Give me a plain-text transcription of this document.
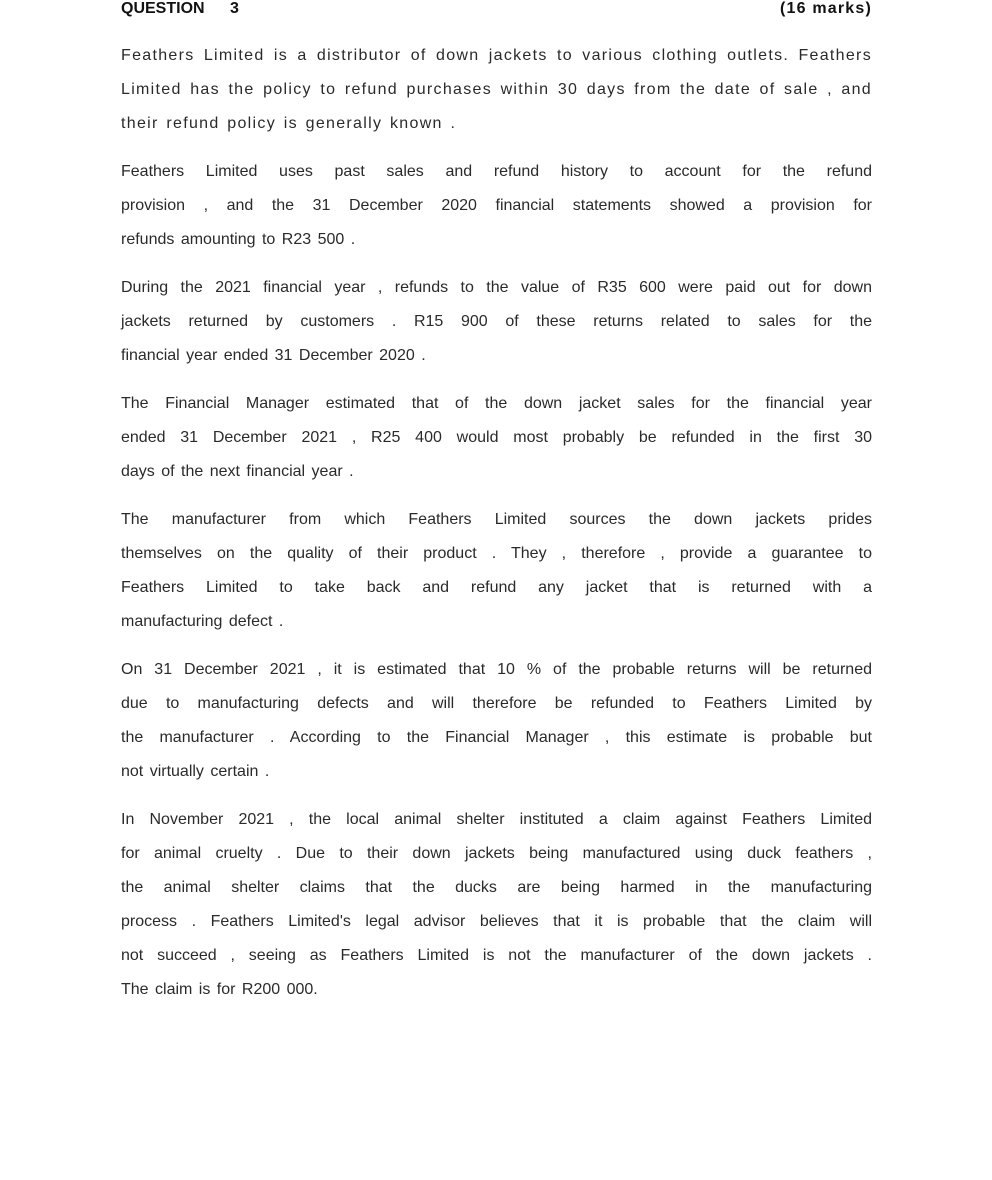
QUESTION 3	(16 marks)
Feathers Limited is a distributor of down jackets to various clothing outlets. Feathers
Limited has the policy to refund purchases within 30 days from the date of sale , and
their refund policy is generally known .
Feathers Limited uses past sales and refund history to account for the refund
provision , and the 31 December 2020 financial statements showed a provision for
refunds amounting to R23 500 .
During the 2021 financial year , refunds to the value of R35 600 were paid out for down
jackets returned by customers . R15 900 of these returns related to sales for the
financial year ended 31 December 2020 .
The Financial Manager estimated that of the down jacket sales for the financial year
ended 31 December 2021 , R25 400 would most probably be refunded in the first 30
days of the next financial year .
The manufacturer from which Feathers Limited sources the down jackets prides
themselves on the quality of their product . They , therefore , provide a guarantee to
Feathers Limited to take back and refund any jacket that is returned with a
manufacturing defect .
On 31 December 2021 , it is estimated that 10 % of the probable returns will be returned
due to manufacturing defects and will therefore be refunded to Feathers Limited by
the manufacturer . According to the Financial Manager , this estimate is probable but
not virtually certain .
In November 2021 , the local animal shelter instituted a claim against Feathers Limited
for animal cruelty . Due to their down jackets being manufactured using duck feathers ,
the animal shelter claims that the ducks are being harmed in the manufacturing
process . Feathers Limited's legal advisor believes that it is probable that the claim will
not succeed , seeing as Feathers Limited is not the manufacturer of the down jackets .
The claim is for R200 000.
